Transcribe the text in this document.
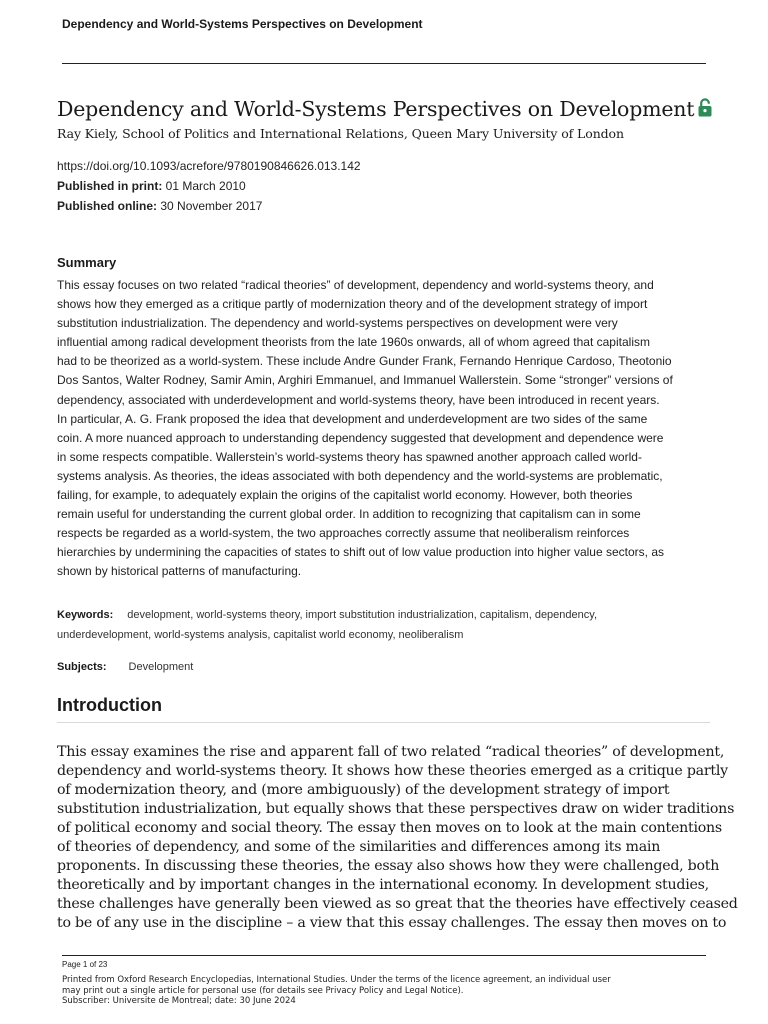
Dependency and World-Systems Perspectives on Development
Dependency and World-Systems Perspectives on Development
Ray Kiely, School of Politics and International Relations, Queen Mary University of London
https://doi.org/10.1093/acrefore/9780190846626.013.142
Published in print: 01 March 2010
Published online: 30 November 2017
Summary
This essay focuses on two related “radical theories” of development, dependency and world-systems theory, and
shows how they emerged as a critique partly of modernization theory and of the development strategy of import
substitution industrialization. The dependency and world-systems perspectives on development were very
influential among radical development theorists from the late 1960s onwards, all of whom agreed that capitalism
had to be theorized as a world-system. These include Andre Gunder Frank, Fernando Henrique Cardoso, Theotonio
Dos Santos, Walter Rodney, Samir Amin, Arghiri Emmanuel, and Immanuel Wallerstein. Some “stronger” versions of
dependency, associated with underdevelopment and world-systems theory, have been introduced in recent years.
In particular, A. G. Frank proposed the idea that development and underdevelopment are two sides of the same
coin. A more nuanced approach to understanding dependency suggested that development and dependence were
in some respects compatible. Wallerstein’s world-systems theory has spawned another approach called world-
systems analysis. As theories, the ideas associated with both dependency and the world-systems are problematic,
failing, for example, to adequately explain the origins of the capitalist world economy. However, both theories
remain useful for understanding the current global order. In addition to recognizing that capitalism can in some
respects be regarded as a world-system, the two approaches correctly assume that neoliberalism reinforces
hierarchies by undermining the capacities of states to shift out of low value production into higher value sectors, as
shown by historical patterns of manufacturing.
Keywords: development, world-systems theory, import substitution industrialization, capitalism, dependency,
underdevelopment, world-systems analysis, capitalist world economy, neoliberalism
Subjects: Development
Introduction
This essay examines the rise and apparent fall of two related “radical theories” of development,
dependency and world-systems theory. It shows how these theories emerged as a critique partly
of modernization theory, and (more ambiguously) of the development strategy of import
substitution industrialization, but equally shows that these perspectives draw on wider traditions
of political economy and social theory. The essay then moves on to look at the main contentions
of theories of dependency, and some of the similarities and differences among its main
proponents. In discussing these theories, the essay also shows how they were challenged, both
theoretically and by important changes in the international economy. In development studies,
these challenges have generally been viewed as so great that the theories have effectively ceased
to be of any use in the discipline – a view that this essay challenges. The essay then moves on to
Page 1 of 23
Printed from Oxford Research Encyclopedias, International Studies. Under the terms of the licence agreement, an individual user
may print out a single article for personal use (for details see Privacy Policy and Legal Notice).
Subscriber: Universite de Montreal; date: 30 June 2024
